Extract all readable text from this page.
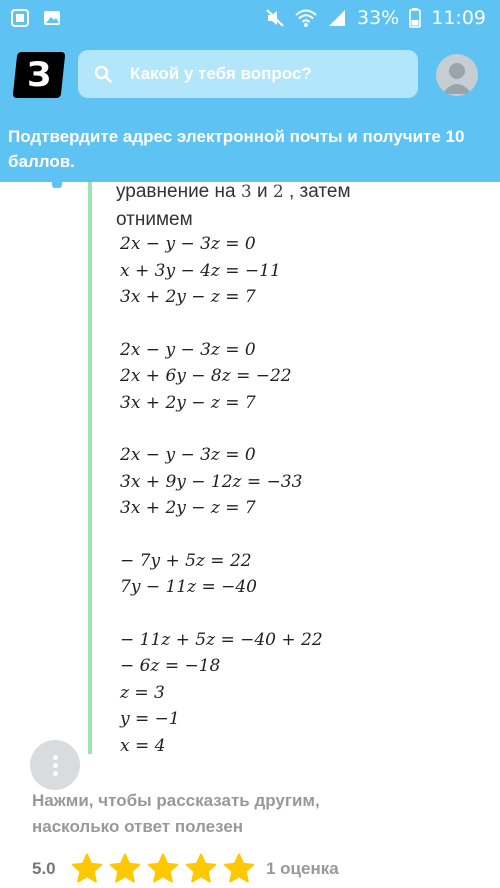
33% 11:09
З	Какой у тебя вопрос?
Подтвердите адрес электронной почты и получите 10 баллов.
уравнение на 3 и 2 , затем
отнимем
2x − y − 3z = 0
x + 3y − 4z = −11
3x + 2y − z = 7
2x − y − 3z = 0
2x + 6y − 8z = −22
3x + 2y − z = 7
2x − y − 3z = 0
3x + 9y − 12z = −33
3x + 2y − z = 7
− 7y + 5z = 22
7y − 11z = −40
− 11z + 5z = −40 + 22
− 6z = −18
z = 3
y = −1
x = 4
Нажми, чтобы рассказать другим,
насколько ответ полезен
5.0	1 оценка
